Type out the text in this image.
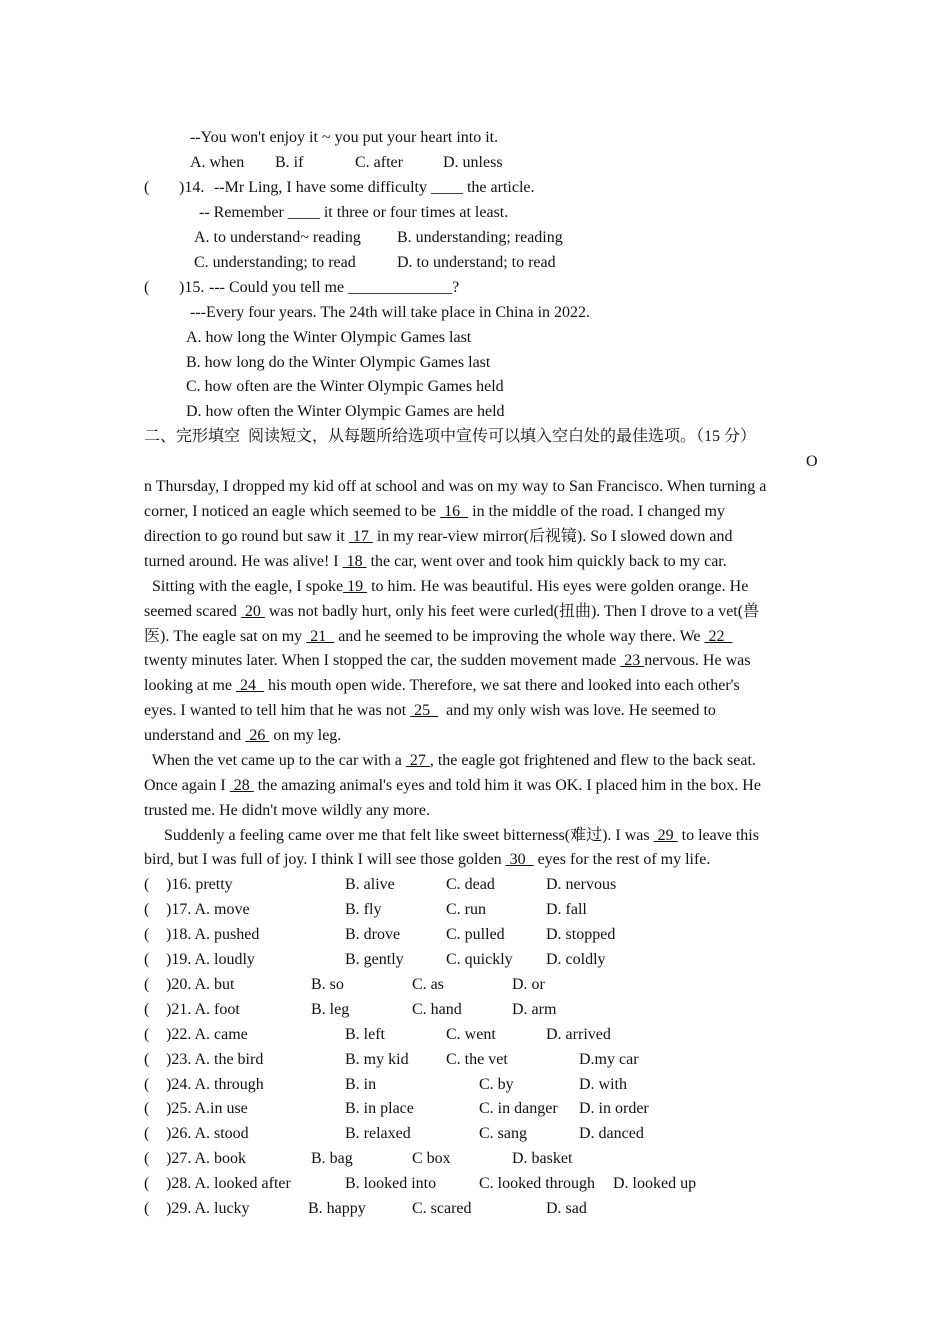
--You won't enjoy it ~ you put your heart into it.
A. when B. if	C. after	D. unless
( )14. --Mr Ling, I have some difficulty ____ the article.
-- Remember ____ it three or four times at least.
A. to understand~ reading B. understanding; reading
C. understanding; to read	D. to understand; to read
( )15. --- Could you tell me _____________?
---Every four years. The 24th will take place in China in 2022.
A. how long the Winter Olympic Games last
B. how long do the Winter Olympic Games last
C. how often are the Winter Olympic Games held
D. how often the Winter Olympic Games are held
二、完形填空  阅读短文，从每题所给选项中宣传可以填入空白处的最佳选项。（15 分）
O
n Thursday, I dropped my kid off at school and was on my way to San Francisco. When turning a
corner, I noticed an eagle which seemed to be  16   in the middle of the road. I changed my
direction to go round but saw it  17  in my rear-view mirror(后视镜). So I slowed down and
turned around. He was alive! I  18  the car, went over and took him quickly back to my car.
Sitting with the eagle, I spoke 19  to him. He was beautiful. His eyes were golden orange. He
seemed scared  20  was not badly hurt, only his feet were curled(扭曲). Then I drove to a vet(兽
医). The eagle sat on my  21   and he seemed to be improving the whole way there. We  22
twenty minutes later. When I stopped the car, the sudden movement made  23 nervous. He was
looking at me  24   his mouth open wide. Therefore, we sat there and looked into each other's
eyes. I wanted to tell him that he was not  25    and my only wish was love. He seemed to
understand and  26  on my leg.
When the vet came up to the car with a  27 , the eagle got frightened and flew to the back seat.
Once again I  28  the amazing animal's eyes and told him it was OK. I placed him in the box. He
trusted me. He didn't move wildly any more.
Suddenly a feeling came over me that felt like sweet bitterness(难过). I was  29  to leave this
bird, but I was full of joy. I think I will see those golden  30   eyes for the rest of my life.
( )16. pretty	B. alive	C. dead	D. nervous
( )17. A. move	B. fly	C. run	D. fall
( )18. A. pushed	B. drove	C. pulled	D. stopped
( )19. A. loudly	B. gently	C. quickly D. coldly
( )20. A. but	B. so	C. as	D. or
( )21. A. foot	B. leg	C. hand	D. arm
( )22. A. came	B. left	C. went	D. arrived
( )23. A. the bird	B. my kid C. the vet	D.my car
( )24. A. through	B. in	C. by	D. with
( )25. A.in use	B. in place	C. in danger D. in order
( )26. A. stood	B. relaxed	C. sang	D. danced
( )27. A. book	B. bag	C box	D. basket
( )28. A. looked after	B. looked into	C. looked through D. looked up
( )29. A. lucky	B. happy	C. scared	D. sad
